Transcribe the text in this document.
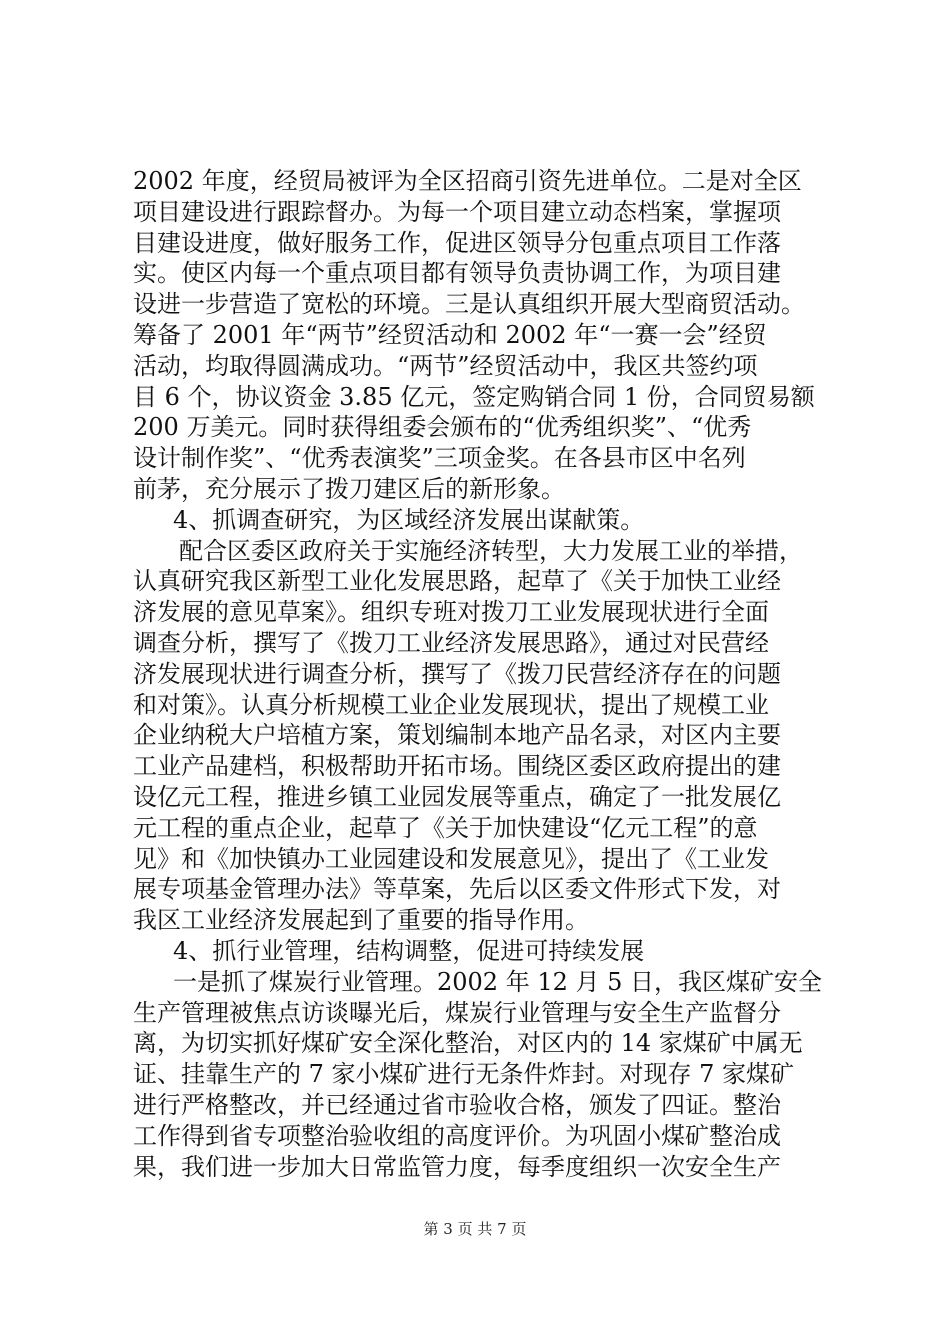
2002 年度，经贸局被评为全区招商引资先进单位。二是对全区
项目建设进行跟踪督办。为每一个项目建立动态档案，掌握项
目建设进度，做好服务工作，促进区领导分包重点项目工作落
实。使区内每一个重点项目都有领导负责协调工作，为项目建
设进一步营造了宽松的环境。三是认真组织开展大型商贸活动。
筹备了 2001 年“两节”经贸活动和 2002 年“一赛一会”经贸
活动，均取得圆满成功。“两节”经贸活动中，我区共签约项
目 6 个，协议资金 3.85 亿元，签定购销合同 1 份，合同贸易额
200 万美元。同时获得组委会颁布的“优秀组织奖”、“优秀
设计制作奖”、“优秀表演奖”三项金奖。在各县市区中名列
前茅，充分展示了拨刀建区后的新形象。
4、抓调查研究，为区域经济发展出谋献策。
配合区委区政府关于实施经济转型，大力发展工业的举措，
认真研究我区新型工业化发展思路，起草了《关于加快工业经
济发展的意见草案》。组织专班对拨刀工业发展现状进行全面
调查分析，撰写了《拨刀工业经济发展思路》，通过对民营经
济发展现状进行调查分析，撰写了《拨刀民营经济存在的问题
和对策》。认真分析规模工业企业发展现状，提出了规模工业
企业纳税大户培植方案，策划编制本地产品名录，对区内主要
工业产品建档，积极帮助开拓市场。围绕区委区政府提出的建
设亿元工程，推进乡镇工业园发展等重点，确定了一批发展亿
元工程的重点企业，起草了《关于加快建设“亿元工程”的意
见》和《加快镇办工业园建设和发展意见》，提出了《工业发
展专项基金管理办法》等草案，先后以区委文件形式下发，对
我区工业经济发展起到了重要的指导作用。
4、抓行业管理，结构调整，促进可持续发展
一是抓了煤炭行业管理。2002 年 12 月 5 日，我区煤矿安全
生产管理被焦点访谈曝光后，煤炭行业管理与安全生产监督分
离，为切实抓好煤矿安全深化整治，对区内的 14 家煤矿中属无
证、挂靠生产的 7 家小煤矿进行无条件炸封。对现存 7 家煤矿
进行严格整改，并已经通过省市验收合格，颁发了四证。整治
工作得到省专项整治验收组的高度评价。为巩固小煤矿整治成
果，我们进一步加大日常监管力度，每季度组织一次安全生产
第 3 页 共 7 页
